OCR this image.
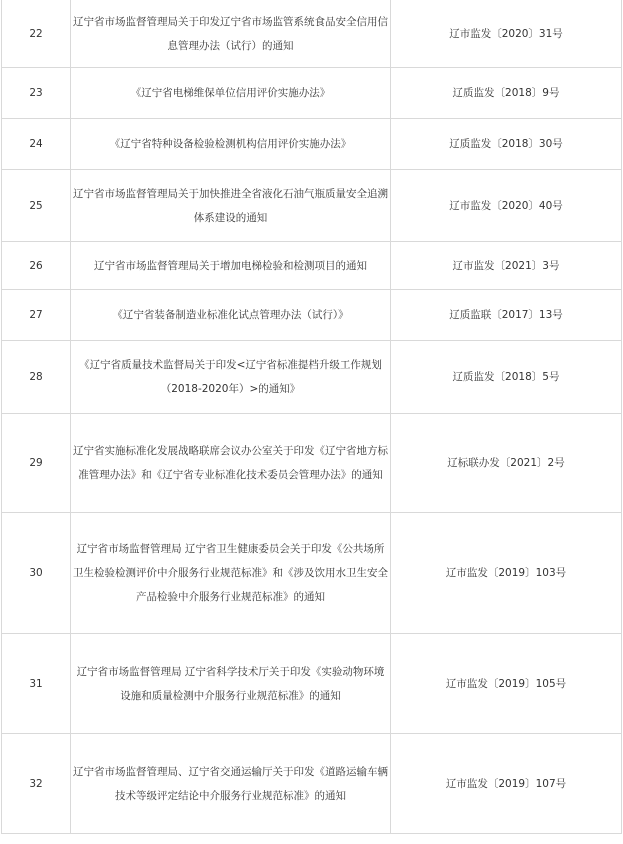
22	辽宁省市场监督管理局关于印发辽宁省市场监管系统食品安全信用信息管理办法（试行）的通知	辽市监发〔2020〕31号
23	《辽宁省电梯维保单位信用评价实施办法》	辽质监发〔2018〕9号
24	《辽宁省特种设备检验检测机构信用评价实施办法》	辽质监发〔2018〕30号
25	辽宁省市场监督管理局关于加快推进全省液化石油气瓶质量安全追溯体系建设的通知	辽市监发〔2020〕40号
26	辽宁省市场监督管理局关于增加电梯检验和检测项目的通知	辽市监发〔2021〕3号
27	《辽宁省装备制造业标准化试点管理办法（试行）》	辽质监联〔2017〕13号
28	《辽宁省质量技术监督局关于印发<辽宁省标准提档升级工作规划（2018-2020年）>的通知》	辽质监发〔2018〕5号
29	辽宁省实施标准化发展战略联席会议办公室关于印发《辽宁省地方标准管理办法》和《辽宁省专业标准化技术委员会管理办法》的通知	辽标联办发〔2021〕2号
30	辽宁省市场监督管理局 辽宁省卫生健康委员会关于印发《公共场所卫生检验检测评价中介服务行业规范标准》和《涉及饮用水卫生安全产品检验中介服务行业规范标准》的通知	辽市监发〔2019〕103号
31	辽宁省市场监督管理局 辽宁省科学技术厅关于印发《实验动物环境设施和质量检测中介服务行业规范标准》的通知	辽市监发〔2019〕105号
32	辽宁省市场监督管理局、辽宁省交通运输厅关于印发《道路运输车辆技术等级评定结论中介服务行业规范标准》的通知	辽市监发〔2019〕107号
